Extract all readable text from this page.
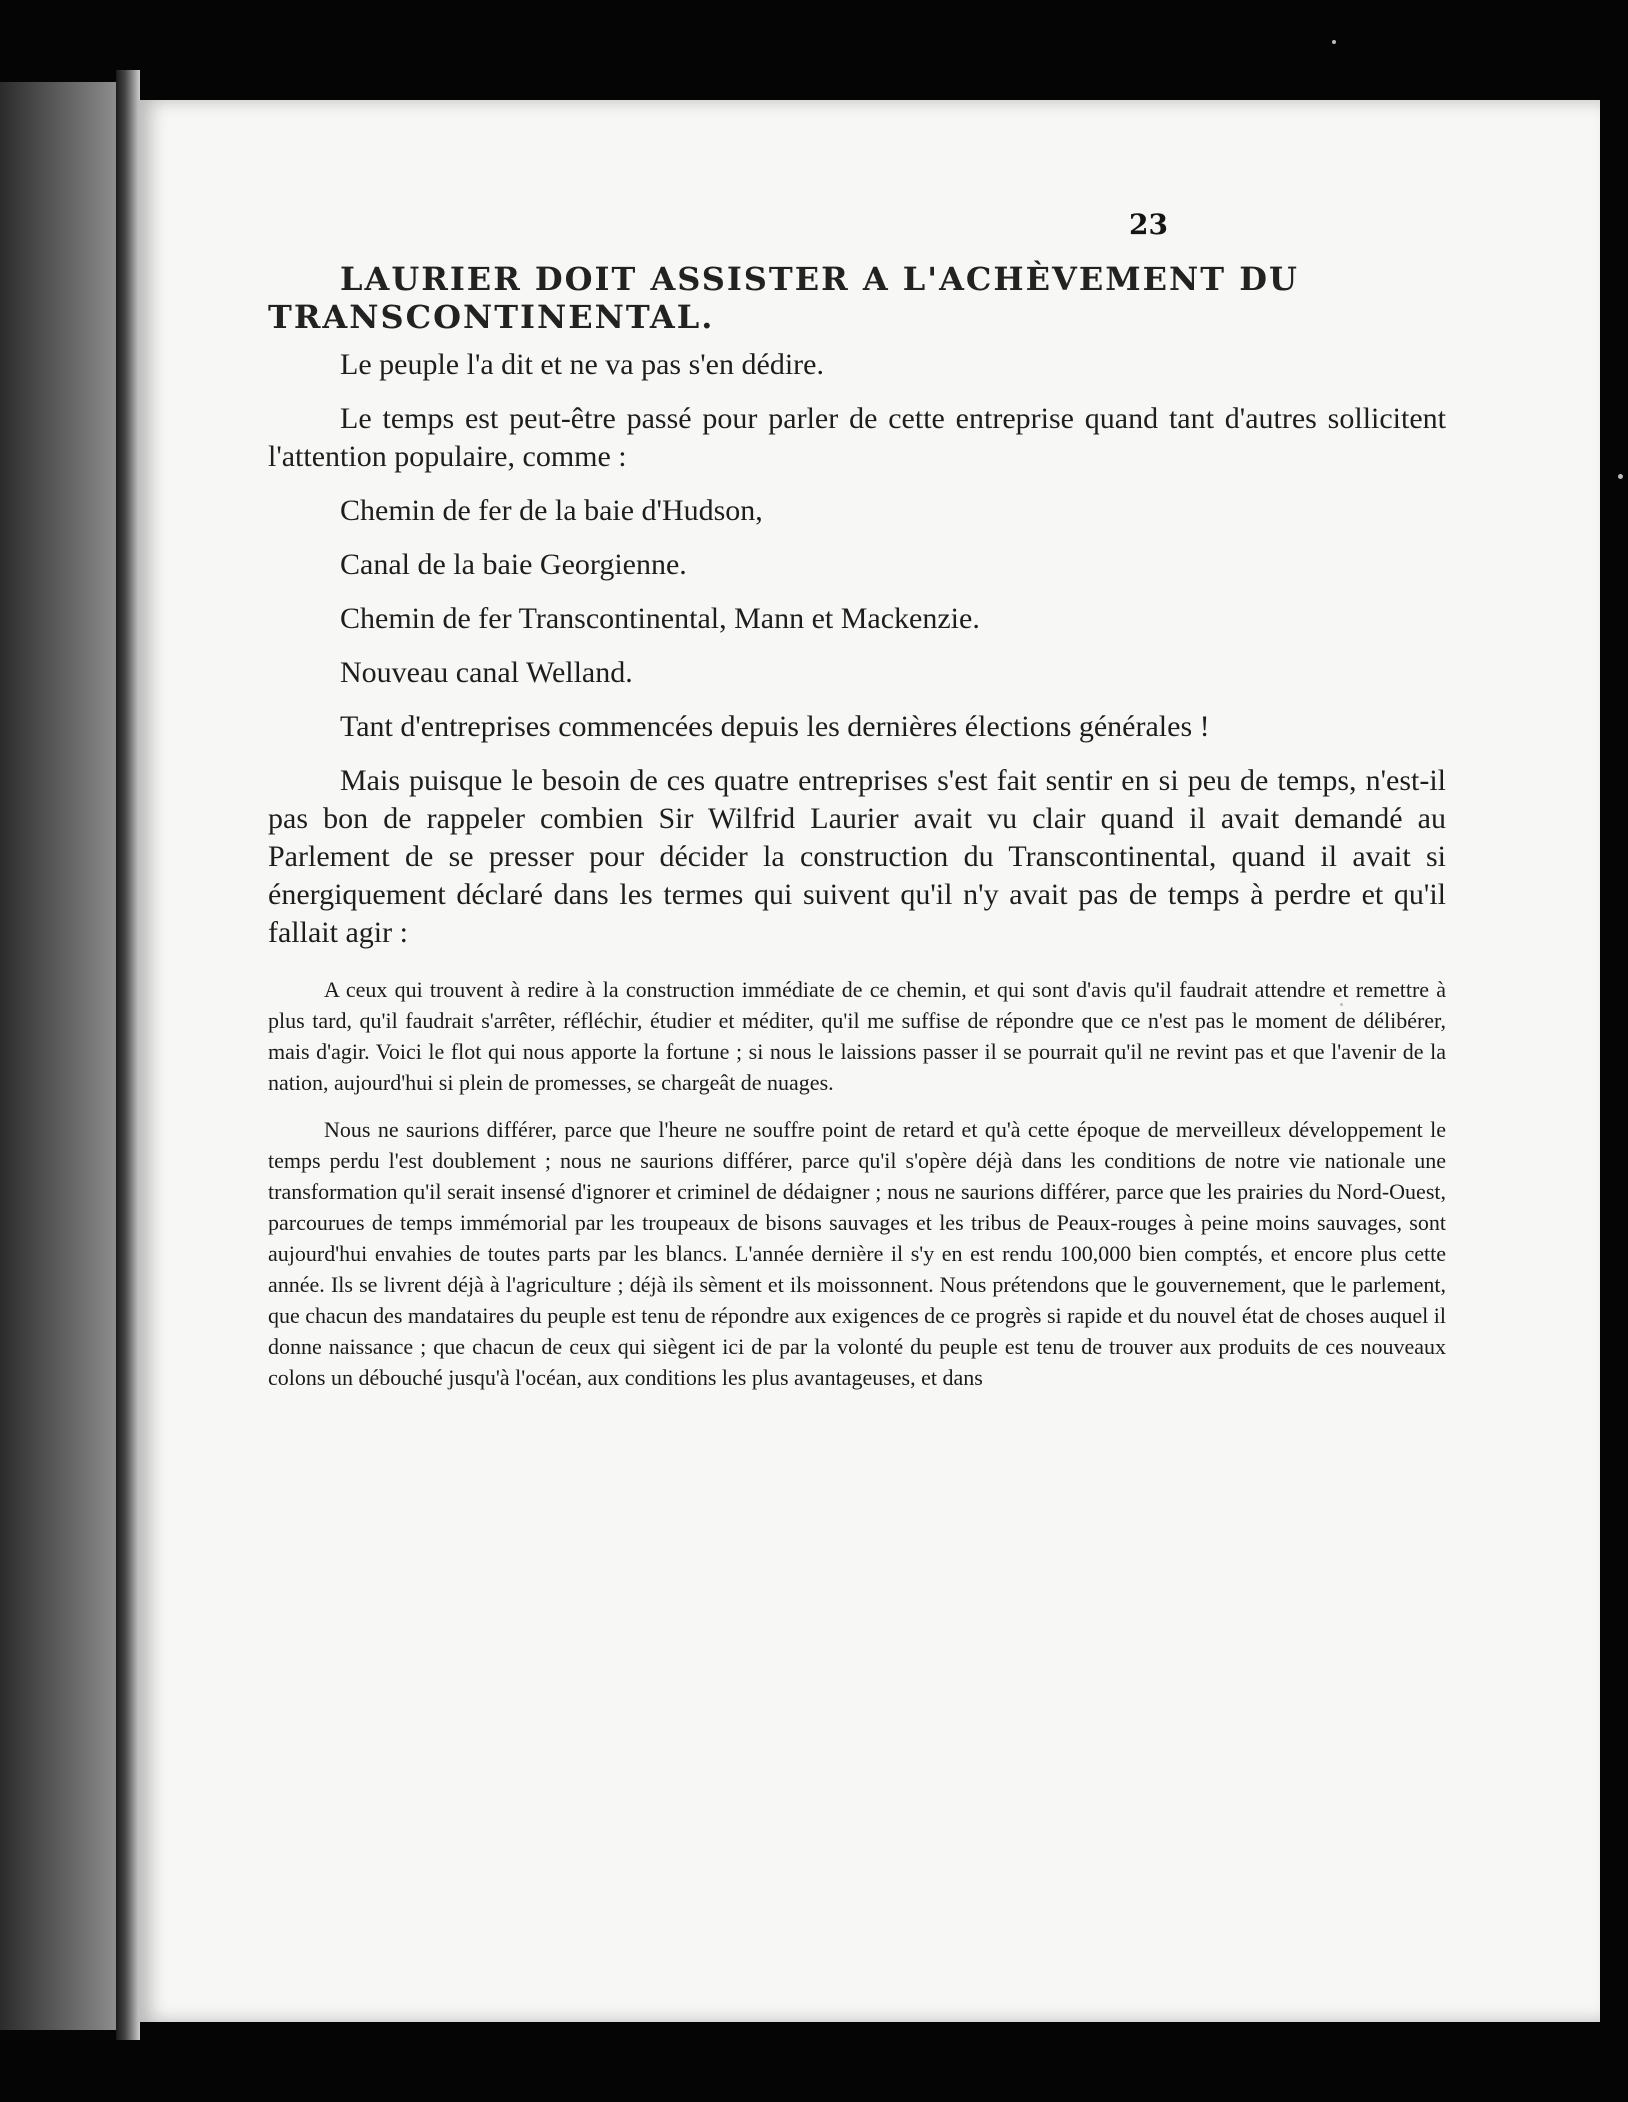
23
LAURIER DOIT ASSISTER A L'ACHÈVEMENT DU
TRANSCONTINENTAL.

Le peuple l'a dit et ne va pas s'en dédire.

Le temps est peut-être passé pour parler de cette entreprise quand tant d'autres sollicitent l'attention populaire, comme :

Chemin de fer de la baie d'Hudson,

Canal de la baie Georgienne.

Chemin de fer Transcontinental, Mann et Mackenzie.

Nouveau canal Welland.

Tant d'entreprises commencées depuis les dernières élections générales !

Mais puisque le besoin de ces quatre entreprises s'est fait sentir en si peu de temps, n'est-il pas bon de rappeler combien Sir Wilfrid Laurier avait vu clair quand il avait demandé au Parlement de se presser pour décider la construction du Transcontinental, quand il avait si énergiquement déclaré dans les termes qui suivent qu'il n'y avait pas de temps à perdre et qu'il fallait agir :

A ceux qui trouvent à redire à la construction immédiate de ce chemin, et qui sont d'avis qu'il faudrait attendre et remettre à plus tard, qu'il faudrait s'arrêter, réfléchir, étudier et méditer, qu'il me suffise de répondre que ce n'est pas le moment de délibérer, mais d'agir. Voici le flot qui nous apporte la fortune ; si nous le laissions passer il se pourrait qu'il ne revint pas et que l'avenir de la nation, aujourd'hui si plein de promesses, se chargeât de nuages.

Nous ne saurions différer, parce que l'heure ne souffre point de retard et qu'à cette époque de merveilleux développement le temps perdu l'est doublement ; nous ne saurions différer, parce qu'il s'opère déjà dans les conditions de notre vie nationale une transformation qu'il serait insensé d'ignorer et criminel de dédaigner ; nous ne saurions différer, parce que les prairies du Nord-Ouest, parcourues de temps immémorial par les troupeaux de bisons sauvages et les tribus de Peaux-rouges à peine moins sauvages, sont aujourd'hui envahies de toutes parts par les blancs. L'année dernière il s'y en est rendu 100,000 bien comptés, et encore plus cette année. Ils se livrent déjà à l'agriculture ; déjà ils sèment et ils moissonnent. Nous prétendons que le gouvernement, que le parlement, que chacun des mandataires du peuple est tenu de répondre aux exigences de ce progrès si rapide et du nouvel état de choses auquel il donne naissance ; que chacun de ceux qui siègent ici de par la volonté du peuple est tenu de trouver aux produits de ces nouveaux colons un débouché jusqu'à l'océan, aux conditions les plus avantageuses, et dans
